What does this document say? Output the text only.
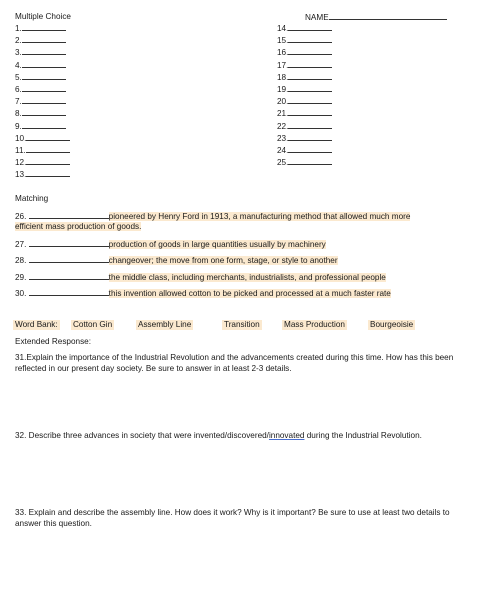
Multiple Choice	NAME
1.
2.
3.
4.
5.
6.
7.
8.
9.
10.
11.
12.
13.
14.
15.
16.
17.
18.
19.
20.
21.
22.
23.
24.
25.
Matching
26.	pioneered by Henry Ford in 1913, a manufacturing method that allowed much more
efficient mass production of goods.
27.	production of goods in large quantities usually by machinery
28.	changeover; the move from one form, stage, or style to another
29.	the middle class, including merchants, industrialists, and professional people
30.	this invention allowed cotton to be picked and processed at a much faster rate
Word Bank: Cotton Gin	Assembly Line	Transition	Mass Production	Bourgeoisie
Extended Response:
31.Explain the importance of the Industrial Revolution and the advancements created during this time. How has this been reflected in our present day society. Be sure to answer in at least 2-3 details.
32. Describe three advances in society that were invented/discovered/innovated during the Industrial Revolution.
33. Explain and describe the assembly line. How does it work? Why is it important? Be sure to use at least two details to answer this question.
